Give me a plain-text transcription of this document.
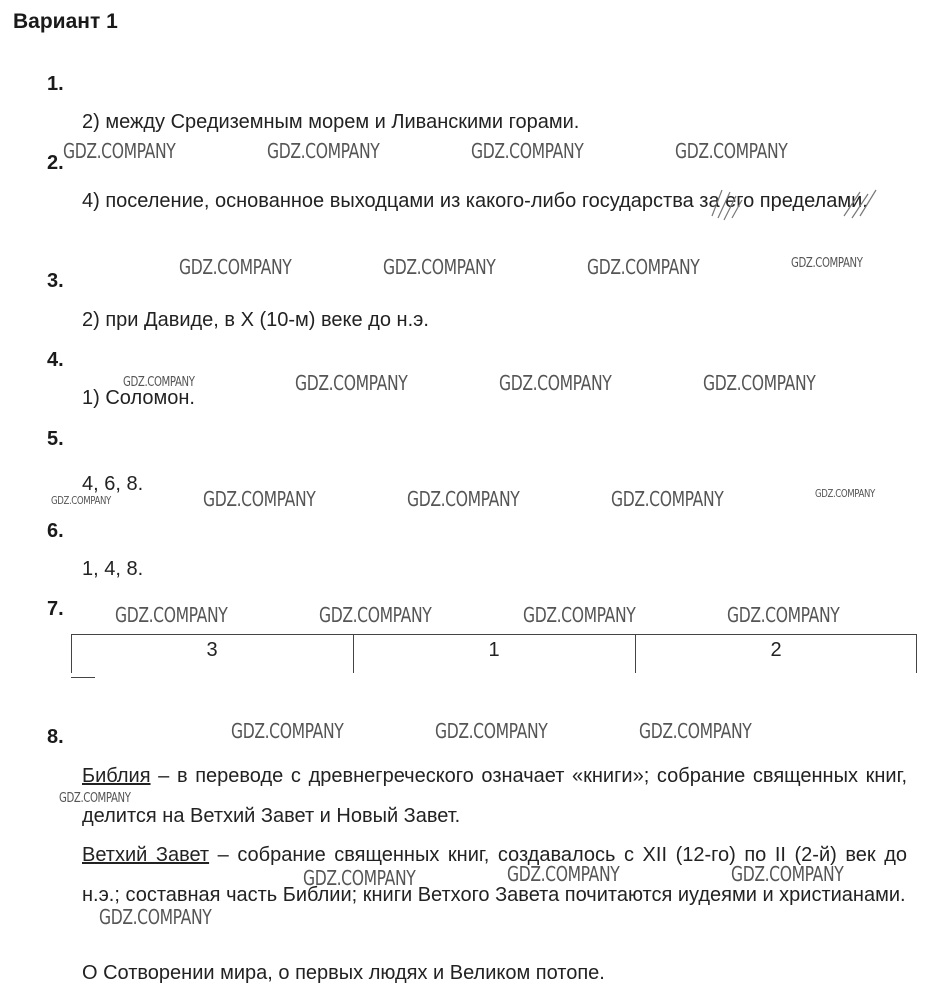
Вариант 1
1.
2) между Средиземным морем и Ливанскими горами.
2.
4) поселение, основанное выходцами из какого-либо государства за его пределами.
3.
2) при Давиде, в X (10-м) веке до н.э.
4.
1) Соломон.
5.
4, 6, 8.
6.
1, 4, 8.
7.
3	1	2
8.
Библия – в переводе с древнегреческого означает «книги»; собрание священных книг, делится на Ветхий Завет и Новый Завет.
Ветхий Завет – собрание священных книг, создавалось с XII (12-го) по II (2-й) век до н.э.; составная часть Библии; книги Ветхого Завета почитаются иудеями и христианами.
О Сотворении мира, о первых людях и Великом потопе.
GDZ.COMPANY	GDZ.COMPANY	GDZ.COMPANY	GDZ.COMPANY
GDZ.COMPANY	GDZ.COMPANY	GDZ.COMPANY	GDZ.COMPANY
GDZ.COMPANY	GDZ.COMPANY	GDZ.COMPANY	GDZ.COMPANY
GDZ.COMPANY	GDZ.COMPANY	GDZ.COMPANY	GDZ.COMPANY	GDZ.COMPANY
GDZ.COMPANY	GDZ.COMPANY	GDZ.COMPANY	GDZ.COMPANY
GDZ.COMPANY	GDZ.COMPANY	GDZ.COMPANY
GDZ.COMPANY
GDZ.COMPANY	GDZ.COMPANY	GDZ.COMPANY
GDZ.COMPANY
